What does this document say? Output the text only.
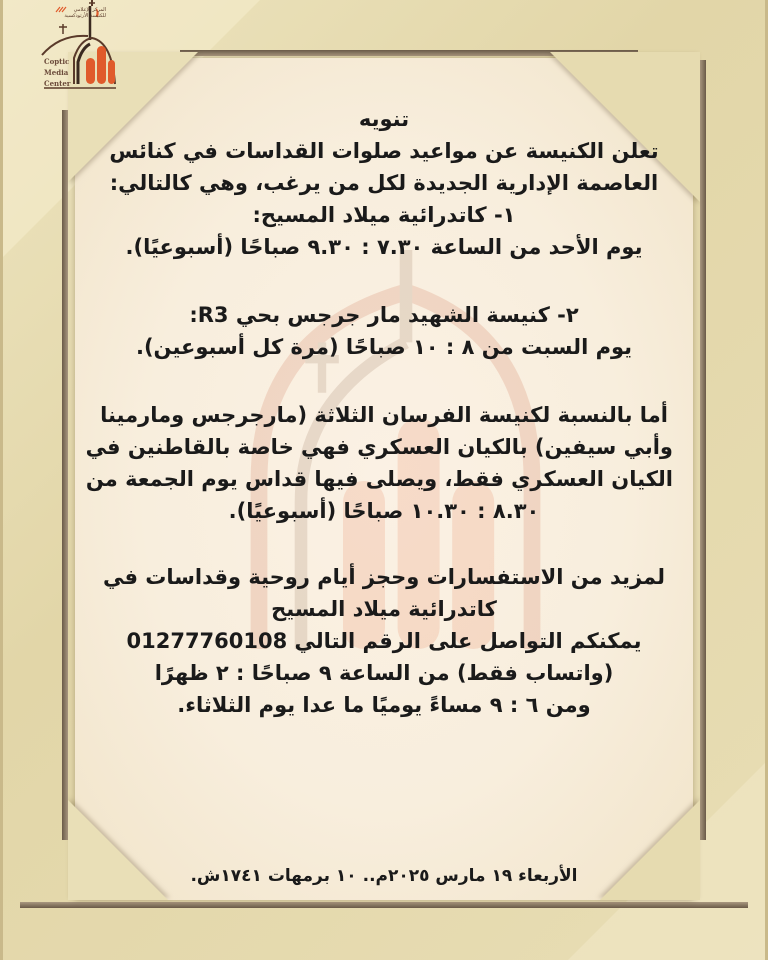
المركز الإعلامي للكنيسة الأرثوذكسية
Coptic
Media
Center
تنويه
تعلن الكنيسة عن مواعيد صلوات القداسات في كنائس
العاصمة الإدارية الجديدة لكل من يرغب، وهي كالتالي:
١- كاتدرائية ميلاد المسيح:
يوم الأحد من الساعة ٧.٣٠ : ٩.٣٠ صباحًا (أسبوعيًا).
٢- كنيسة الشهيد مار جرجس بحي R3:
يوم السبت من ٨ : ١٠ صباحًا (مرة كل أسبوعين).
أما بالنسبة لكنيسة الفرسان الثلاثة (مارجرجس ومارمينا
وأبي سيفين) بالكيان العسكري فهي خاصة بالقاطنين في
الكيان العسكري فقط، ويصلى فيها قداس يوم الجمعة من
٨.٣٠ : ١٠.٣٠ صباحًا (أسبوعيًا).
لمزيد من الاستفسارات وحجز أيام روحية وقداسات في
كاتدرائية ميلاد المسيح
يمكنكم التواصل على الرقم التالي 01277760108
(واتساب فقط) من الساعة ٩ صباحًا : ٢ ظهرًا
ومن ٦ : ٩ مساءً يوميًا ما عدا يوم الثلاثاء.
الأربعاء ١٩ مارس ٢٠٢٥م.. ١٠ برمهات ١٧٤١ش.
